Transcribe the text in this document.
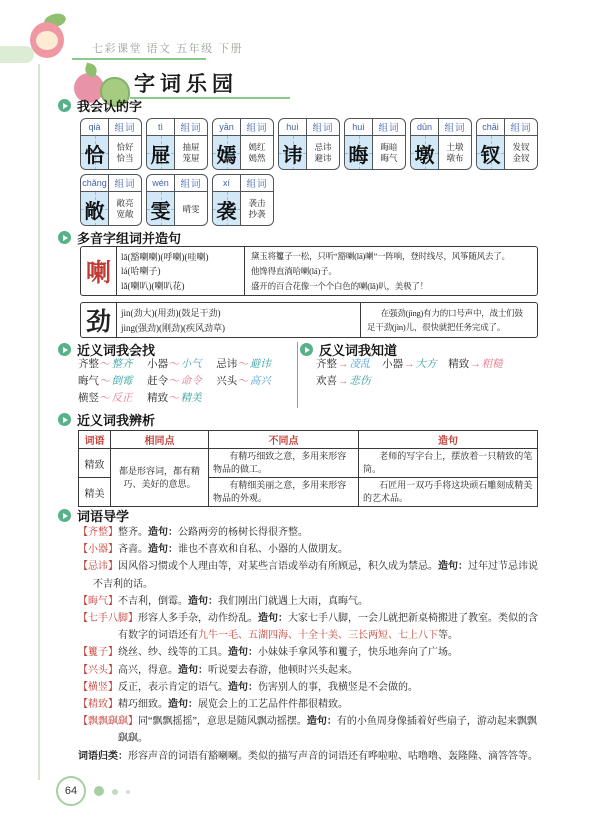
七彩课堂 语文 五年级 下册
字词乐园
我会认的字
qià	组词
恰 恰好
恰当
tì	组词
屉 抽屉
笼屉
yān	组词
嫣 嫣红
嫣然
huì	组词
讳 忌讳
避讳
huì	组词
晦 晦暗
晦气
dūn	组词
墩 土墩
墩布
chāi	组词
钗 发钗
金钗
chǎng 组词
敞 敞亮
宽敞
wén	组词
雯 晴雯
xí	组词
袭 袭击
抄袭
多音字组词并造句
喇
lā(豁喇喇)(呼喇)(哇喇)
lá(哈喇子)
lǎ(喇叭)(喇叭花)
黛玉将籰子一松，只听“豁喇(lā)喇”一阵响，登时线尽，风筝随风去了。
他馋得直淌哈喇(lá)子。
盛开的百合花像一个个白色的喇(lǎ)叭，美极了！
劲	jìn(劲大)(用劲)(鼓足干劲)
jìng(强劲)(刚劲)(疾风劲草)
在强劲(jìng)有力的口号声中，战士们鼓足干劲(jìn)儿，很快就把任务完成了。
近义词我会找	反义词我知道
齐整～整齐 小器～小气 忌讳～避讳
晦气～倒霉 赶令～命令 兴头～高兴
横竖～反正 精致～精美
齐整→凌乱 小器→大方 精致→粗糙
欢喜→悲伤
近义词我辨析
词语	相同点	不同点	造句
精致	都是形容词，都有精巧、美好的意思。	有精巧细致之意，多用来形容物品的做工。	老师的写字台上，摆放着一只精致的笔筒。

精美		有精细美丽之意，多用来形容物品的外观。	石匠用一双巧手将这块顽石雕刻成精美的艺术品。

词语导学

【齐整】整齐。造句：公路两旁的杨树长得很齐整。

【小器】吝啬。造句：谁也不喜欢和自私、小器的人做朋友。

【忌讳】因风俗习惯或个人理由等，对某些言语或举动有所顾忌，积久成为禁忌。造句：过年过节忌讳说不吉利的话。

【晦气】不吉利，倒霉。造句：我们刚出门就遇上大雨，真晦气。

【七手八脚】形容人多手杂，动作纷乱。造句：大家七手八脚，一会儿就把新桌椅搬进了教室。类似的含有数字的词语还有九牛一毛、五湖四海、十全十美、三长两短、七上八下等。

【籰子】绕丝、纱、线等的工具。造句：小妹妹手拿风筝和籰子，快乐地奔向了广场。

【兴头】高兴，得意。造句：听说要去春游，他顿时兴头起来。

【横竖】反正，表示肯定的语气。造句：伤害别人的事，我横竖是不会做的。

【精致】精巧细致。造句：展览会上的工艺品件件都很精致。

【飘飘飖飖】同“飘飘摇摇”，意思是随风飘动摇摆。造句：有的小鱼周身像插着好些扇子，游动起来飘飘飖飖。

词语归类：形容声音的词语有豁喇喇。类似的描写声音的词语还有哗啦啦、咕噜噜、轰隆隆、滴答答等。

64
